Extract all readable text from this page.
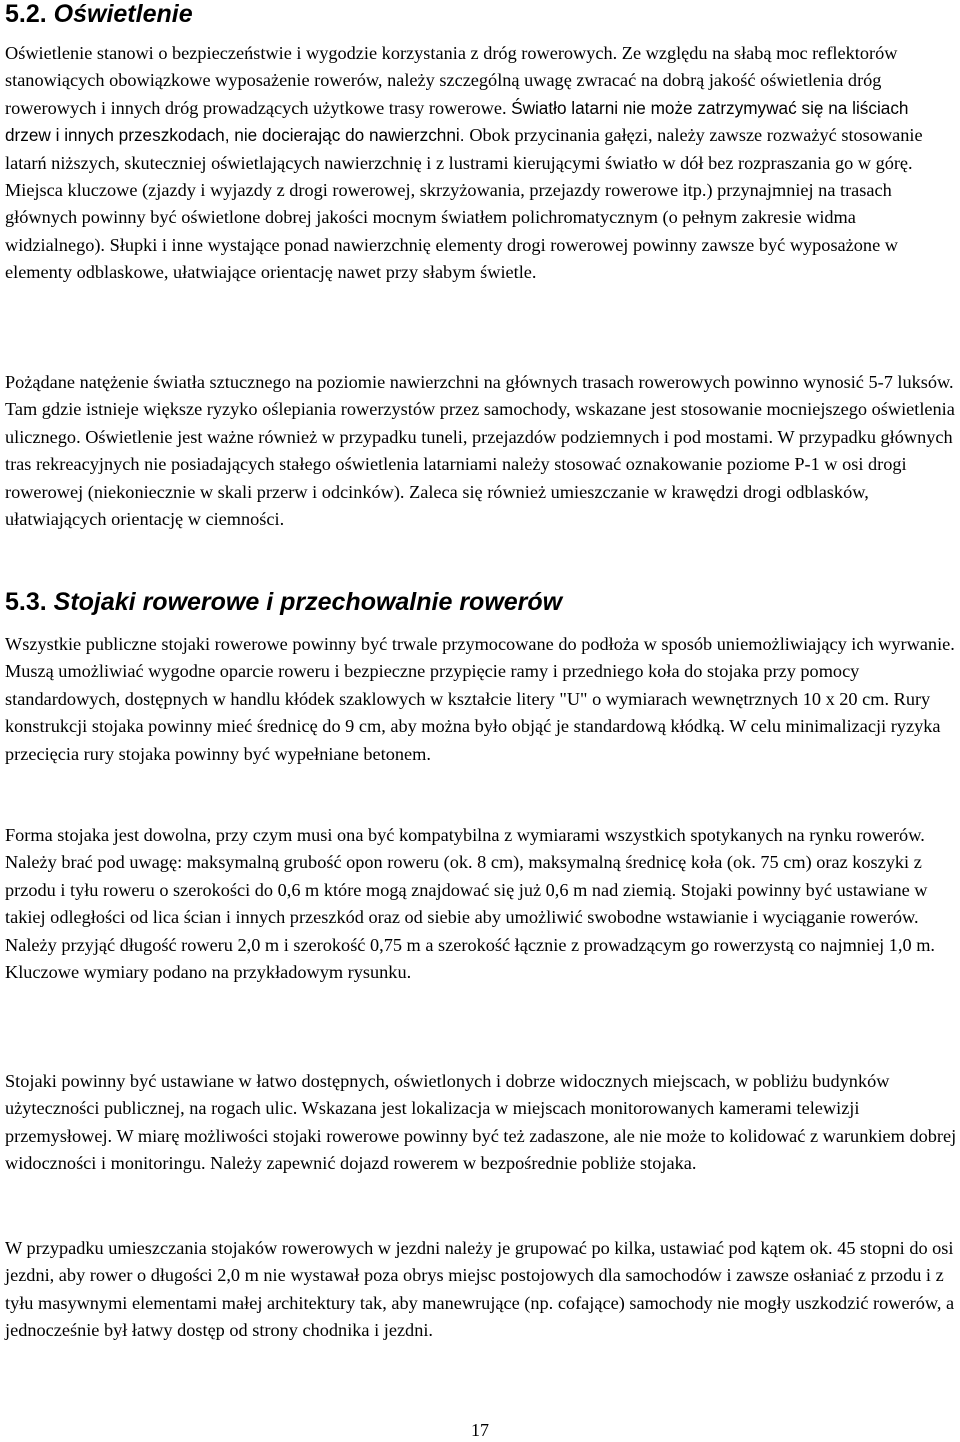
5.2. Oświetlenie

Oświetlenie stanowi o bezpieczeństwie i wygodzie korzystania z dróg rowerowych. Ze względu na słabą moc reflektorów stanowiących obowiązkowe wyposażenie rowerów, należy szczególną uwagę zwracać na dobrą jakość oświetlenia dróg rowerowych i innych dróg prowadzących użytkowe trasy rowerowe. Światło latarni nie może zatrzymywać się na liściach drzew i innych przeszkodach, nie docierając do nawierzchni. Obok przycinania gałęzi, należy zawsze rozważyć stosowanie latarń niższych, skuteczniej oświetlających nawierzchnię i z lustrami kierującymi światło w dół bez rozpraszania go w górę. Miejsca kluczowe (zjazdy i wyjazdy z drogi rowerowej, skrzyżowania, przejazdy rowerowe itp.) przynajmniej na trasach głównych powinny być oświetlone dobrej jakości mocnym światłem polichromatycznym (o pełnym zakresie widma widzialnego). Słupki i inne wystające ponad nawierzchnię elementy drogi rowerowej powinny zawsze być wyposażone w elementy odblaskowe, ułatwiające orientację nawet przy słabym świetle.

Pożądane natężenie światła sztucznego na poziomie nawierzchni na głównych trasach rowerowych powinno wynosić 5-7 luksów. Tam gdzie istnieje większe ryzyko oślepiania rowerzystów przez samochody, wskazane jest stosowanie mocniejszego oświetlenia ulicznego. Oświetlenie jest ważne również w przypadku tuneli, przejazdów podziemnych i pod mostami. W przypadku głównych tras rekreacyjnych nie posiadających stałego oświetlenia latarniami należy stosować oznakowanie poziome P-1 w osi drogi rowerowej (niekoniecznie w skali przerw i odcinków). Zaleca się również umieszczanie w krawędzi drogi odblasków, ułatwiających orientację w ciemności.

5.3. Stojaki rowerowe i przechowalnie rowerów

Wszystkie publiczne stojaki rowerowe powinny być trwale przymocowane do podłoża w sposób uniemożliwiający ich wyrwanie. Muszą umożliwiać wygodne oparcie roweru i bezpieczne przypięcie ramy i przedniego koła do stojaka przy pomocy standardowych, dostępnych w handlu kłódek szaklowych w kształcie litery "U" o wymiarach wewnętrznych 10 x 20 cm. Rury konstrukcji stojaka powinny mieć średnicę do 9 cm, aby można było objąć je standardową kłódką. W celu minimalizacji ryzyka przecięcia rury stojaka powinny być wypełniane betonem.

Forma stojaka jest dowolna, przy czym musi ona być kompatybilna z wymiarami wszystkich spotykanych na rynku rowerów. Należy brać pod uwagę: maksymalną grubość opon roweru (ok. 8 cm), maksymalną średnicę koła (ok. 75 cm) oraz koszyki z przodu i tyłu roweru o szerokości do 0,6 m które mogą znajdować się już 0,6 m nad ziemią. Stojaki powinny być ustawiane w takiej odległości od lica ścian i innych przeszkód oraz od siebie aby umożliwić swobodne wstawianie i wyciąganie rowerów. Należy przyjąć długość roweru 2,0 m i szerokość 0,75 m a szerokość łącznie z prowadzącym go rowerzystą co najmniej 1,0 m. Kluczowe wymiary podano na przykładowym rysunku.

Stojaki powinny być ustawiane w łatwo dostępnych, oświetlonych i dobrze widocznych miejscach, w pobliżu budynków użyteczności publicznej, na rogach ulic. Wskazana jest lokalizacja w miejscach monitorowanych kamerami telewizji przemysłowej. W miarę możliwości stojaki rowerowe powinny być też zadaszone, ale nie może to kolidować z warunkiem dobrej widoczności i monitoringu. Należy zapewnić dojazd rowerem w bezpośrednie pobliże stojaka.

W przypadku umieszczania stojaków rowerowych w jezdni należy je grupować po kilka, ustawiać pod kątem ok. 45 stopni do osi jezdni, aby rower o długości 2,0 m nie wystawał poza obrys miejsc postojowych dla samochodów i zawsze osłaniać z przodu i z tyłu masywnymi elementami małej architektury tak, aby manewrujące (np. cofające) samochody nie mogły uszkodzić rowerów, a jednocześnie był łatwy dostęp od strony chodnika i jezdni.

17
